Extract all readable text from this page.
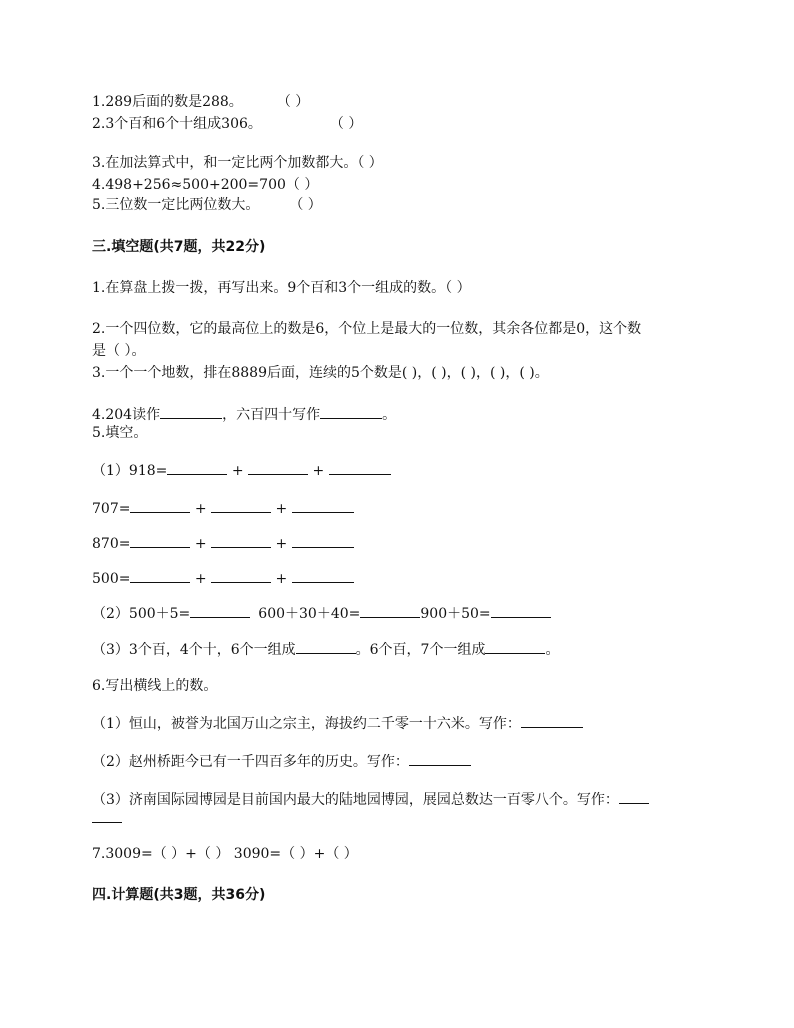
1.289后面的数是288。 （ ）
2.3个百和6个十组成306。	（ ）
3.在加法算式中，和一定比两个加数都大。（ ）
4.498+256≈500+200=700（ ）
5.三位数一定比两位数大。 （ ）
三.填空题(共7题，共22分)
1.在算盘上拨一拨，再写出来。9个百和3个一组成的数。（ ）
2.一个四位数，它的最高位上的数是6，个位上是最大的一位数，其余各位都是0，这个数
是（ ）。
3.一个一个地数，排在8889后面，连续的5个数是( )，( )，( )，( )，( )。
4.204读作	，六百四十写作	。
5.填空。
（1）918=	+	+
707=	+	+
870=	+	+
500=	+	+
（2）500＋5=	600＋30＋40=	900＋50=
（3）3个百，4个十，6个一组成	。6个百，7个一组成	。
6.写出横线上的数。
（1）恒山，被誉为北国万山之宗主，海拔约二千零一十六米。写作：
（2）赵州桥距今已有一千四百多年的历史。写作：
（3）济南国际园博园是目前国内最大的陆地园博园，展园总数达一百零八个。写作：
7.3009=（ ）+（ ） 3090=（ ）+（ ）
四.计算题(共3题，共36分)
